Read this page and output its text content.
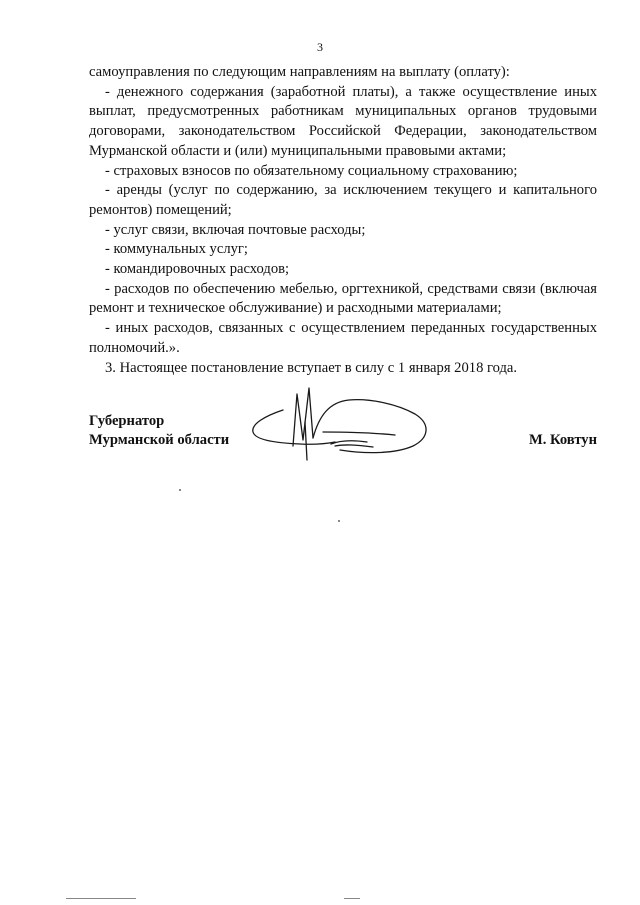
3

самоуправления по следующим направлениям на выплату (оплату):

- денежного содержания (заработной платы), а также осуществление иных выплат, предусмотренных работникам муниципальных органов трудовыми договорами, законодательством Российской Федерации, законодательством Мурманской области и (или) муниципальными правовыми актами;

- страховых взносов по обязательному социальному страхованию;

- аренды (услуг по содержанию, за исключением текущего и капитального ремонтов) помещений;

- услуг связи, включая почтовые расходы;

- коммунальных услуг;

- командировочных расходов;

- расходов по обеспечению мебелью, оргтехникой, средствами связи (включая ремонт и техническое обслуживание) и расходными материалами;

- иных расходов, связанных с осуществлением переданных государственных полномочий.».

3. Настоящее постановление вступает в силу с 1 января 2018 года.

Губернатор
Мурманской области	М. Ковтун
